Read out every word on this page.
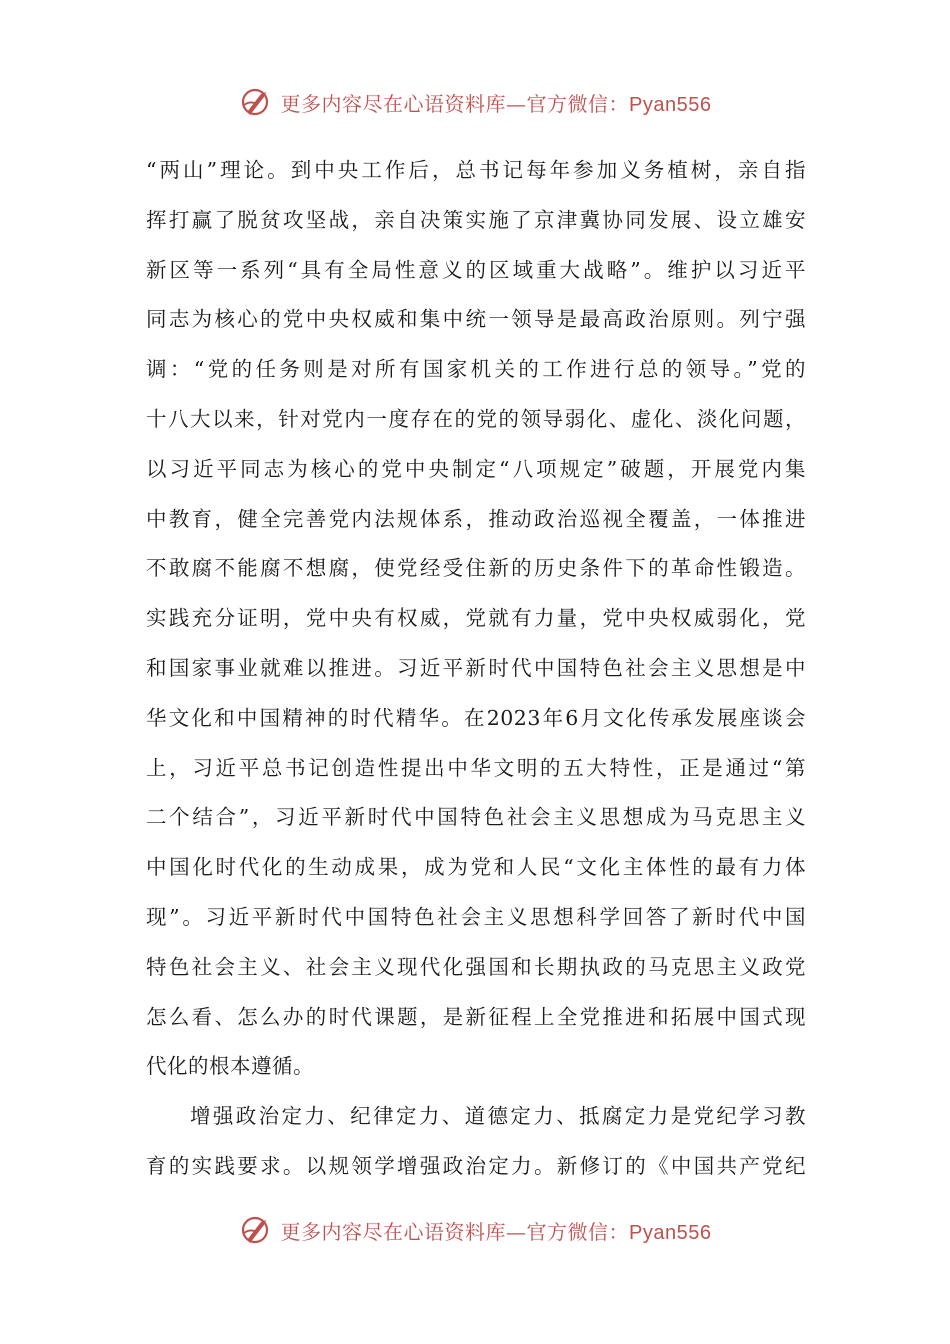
更多内容尽在心语资料库—官方微信：Pyan556
“两山”理论。到中央工作后，总书记每年参加义务植树，亲自指
挥打赢了脱贫攻坚战，亲自决策实施了京津冀协同发展、设立雄安
新区等一系列“具有全局性意义的区域重大战略”。维护以习近平
同志为核心的党中央权威和集中统一领导是最高政治原则。列宁强
调：“党的任务则是对所有国家机关的工作进行总的领导。”党的
十八大以来，针对党内一度存在的党的领导弱化、虚化、淡化问题，
以习近平同志为核心的党中央制定“八项规定”破题，开展党内集
中教育，健全完善党内法规体系，推动政治巡视全覆盖，一体推进
不敢腐不能腐不想腐，使党经受住新的历史条件下的革命性锻造。
实践充分证明，党中央有权威，党就有力量，党中央权威弱化，党
和国家事业就难以推进。习近平新时代中国特色社会主义思想是中
华文化和中国精神的时代精华。在2023年6月文化传承发展座谈会
上，习近平总书记创造性提出中华文明的五大特性，正是通过“第
二个结合”，习近平新时代中国特色社会主义思想成为马克思主义
中国化时代化的生动成果，成为党和人民“文化主体性的最有力体
现”。习近平新时代中国特色社会主义思想科学回答了新时代中国
特色社会主义、社会主义现代化强国和长期执政的马克思主义政党
怎么看、怎么办的时代课题，是新征程上全党推进和拓展中国式现
代化的根本遵循。
增强政治定力、纪律定力、道德定力、抵腐定力是党纪学习教
育的实践要求。以规领学增强政治定力。新修订的《中国共产党纪
更多内容尽在心语资料库—官方微信：Pyan556
